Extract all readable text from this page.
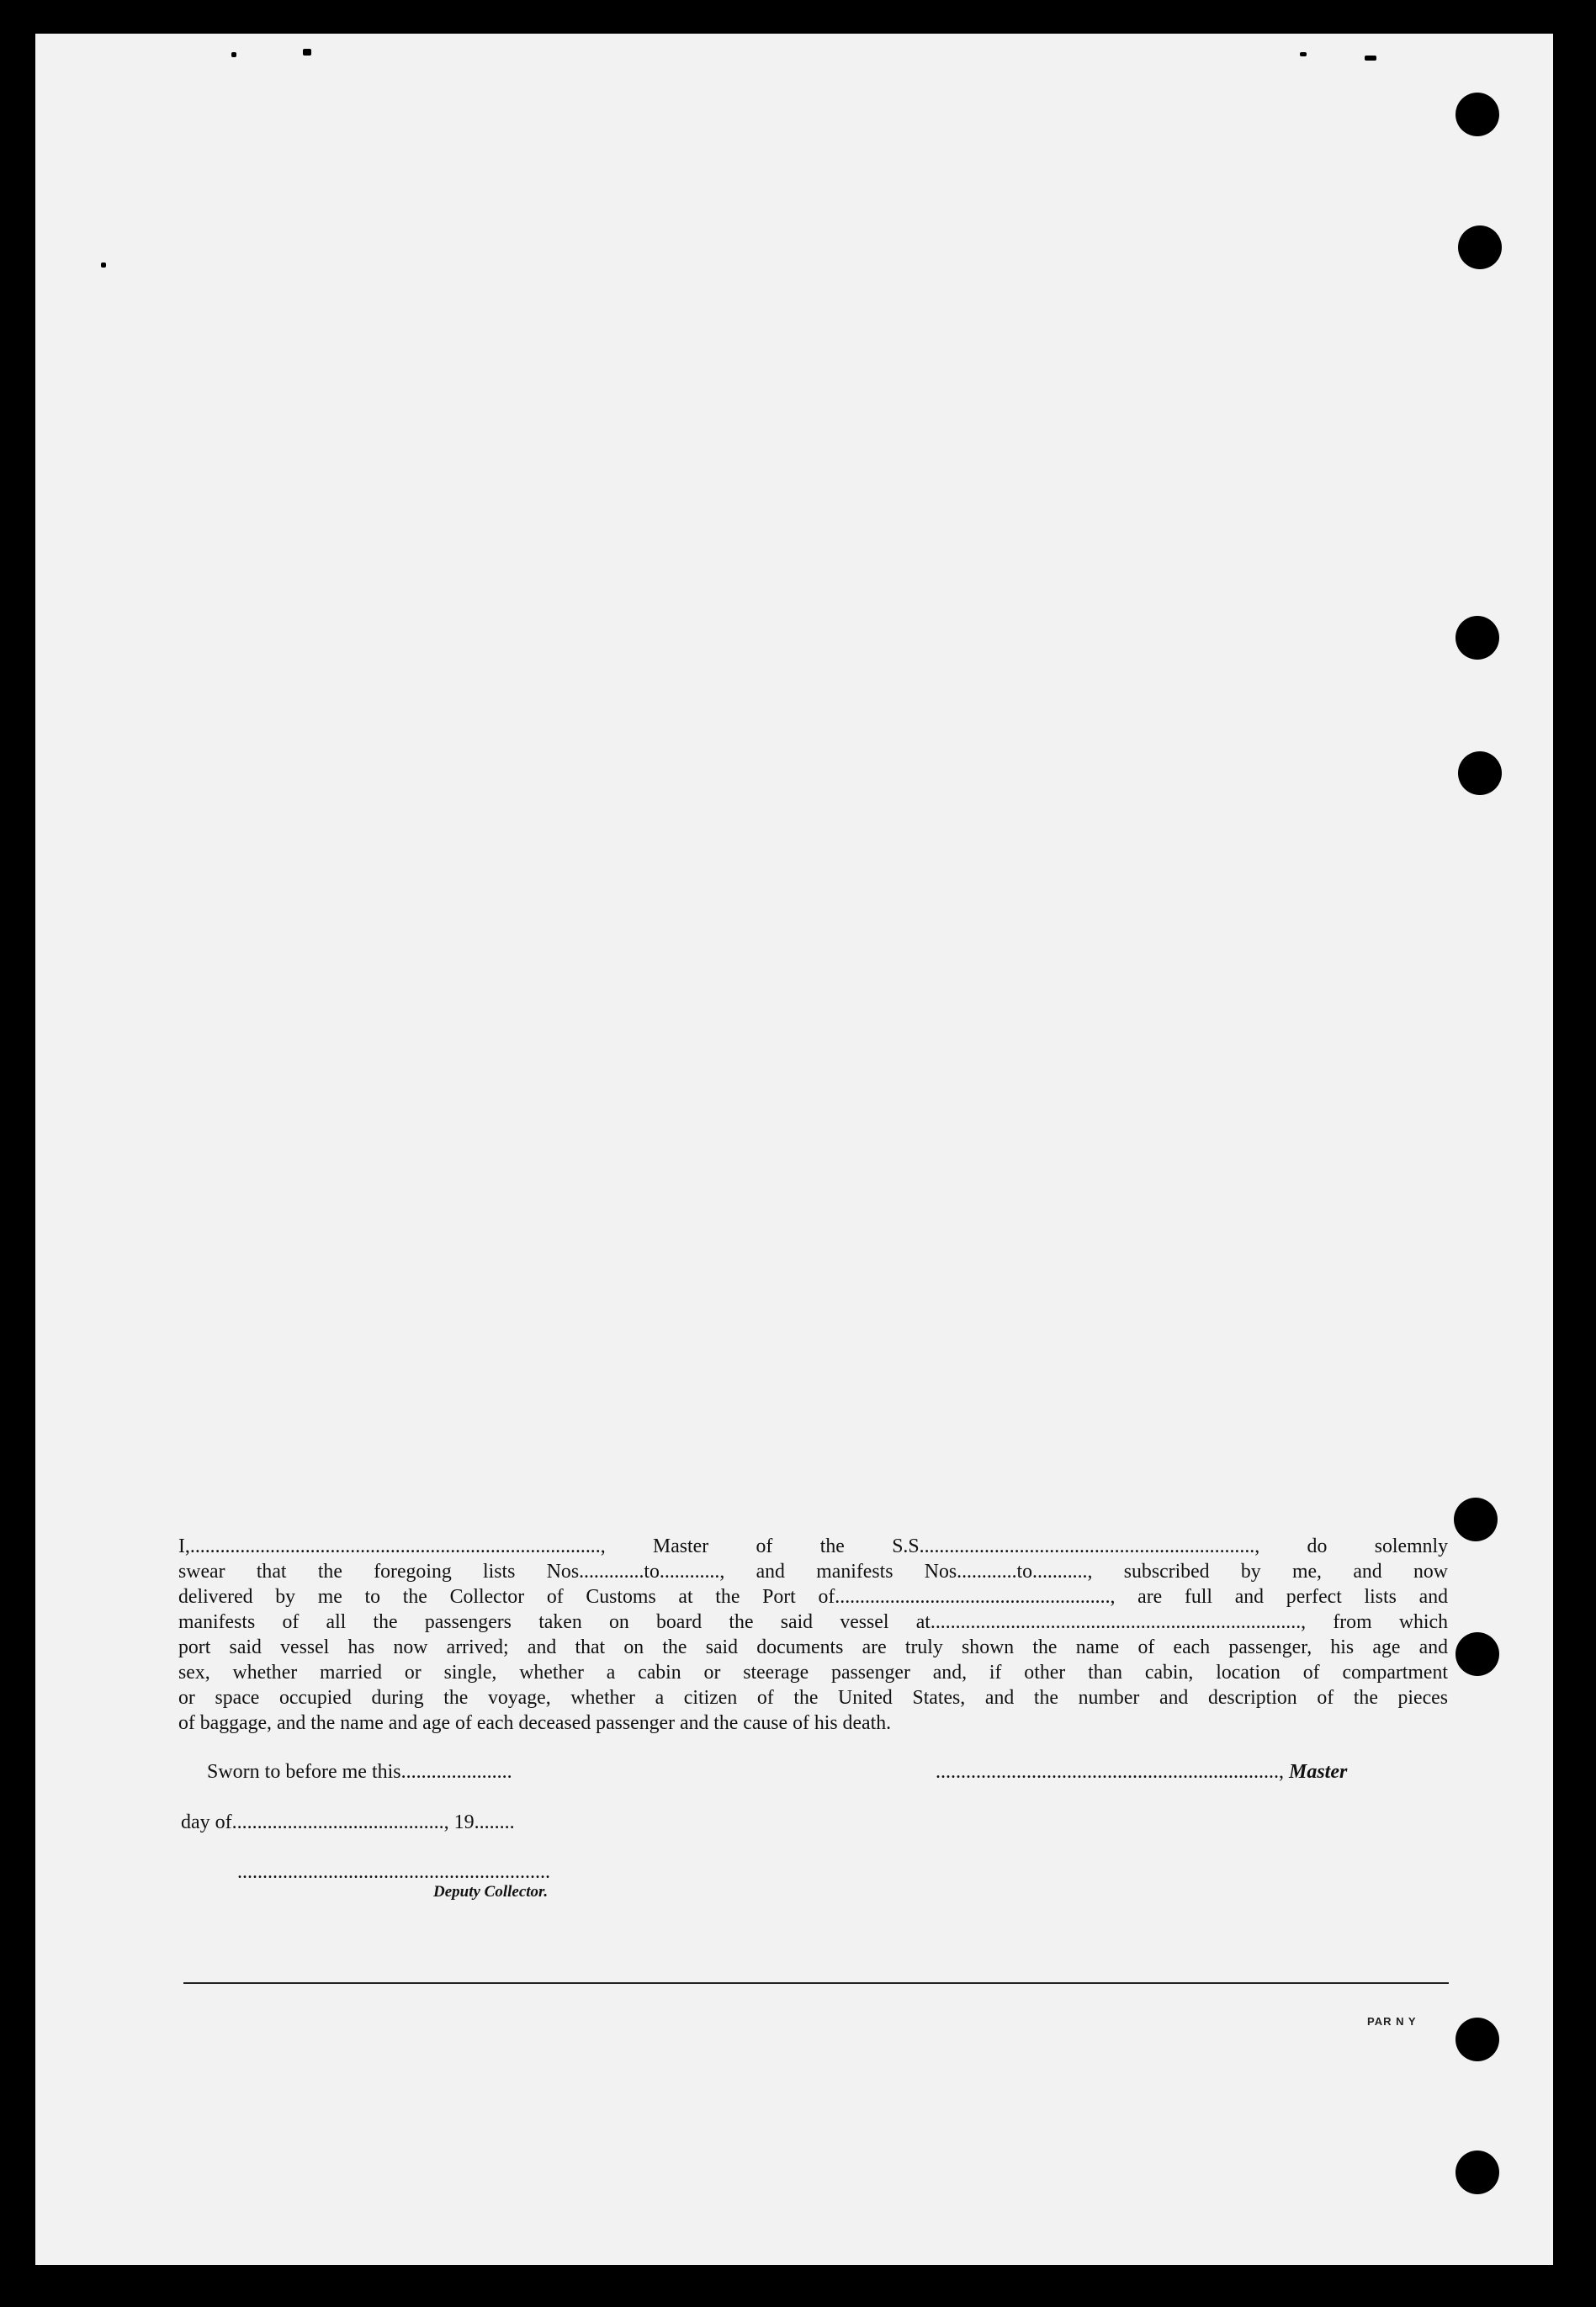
I,.................................................................................., Master of the S.S..................................................................., do solemnly
swear that the foregoing lists Nos.............to............, and manifests Nos............to..........., subscribed by me, and now
delivered by me to the Collector of Customs at the Port of......................................................., are full and perfect lists and
manifests of all the passengers taken on board the said vessel at.........................................................................., from which
port said vessel has now arrived; and that on the said documents are truly shown the name of each passenger, his age and
sex, whether married or single, whether a cabin or steerage passenger and, if other than cabin, location of compartment
or space occupied during the voyage, whether a citizen of the United States, and the number and description of the pieces
of baggage, and the name and age of each deceased passenger and the cause of his death.
Sworn to before me this......................	...................................................................., Master
day of.........................................., 19........
..............................................................
Deputy Collector.
PAR N Y
